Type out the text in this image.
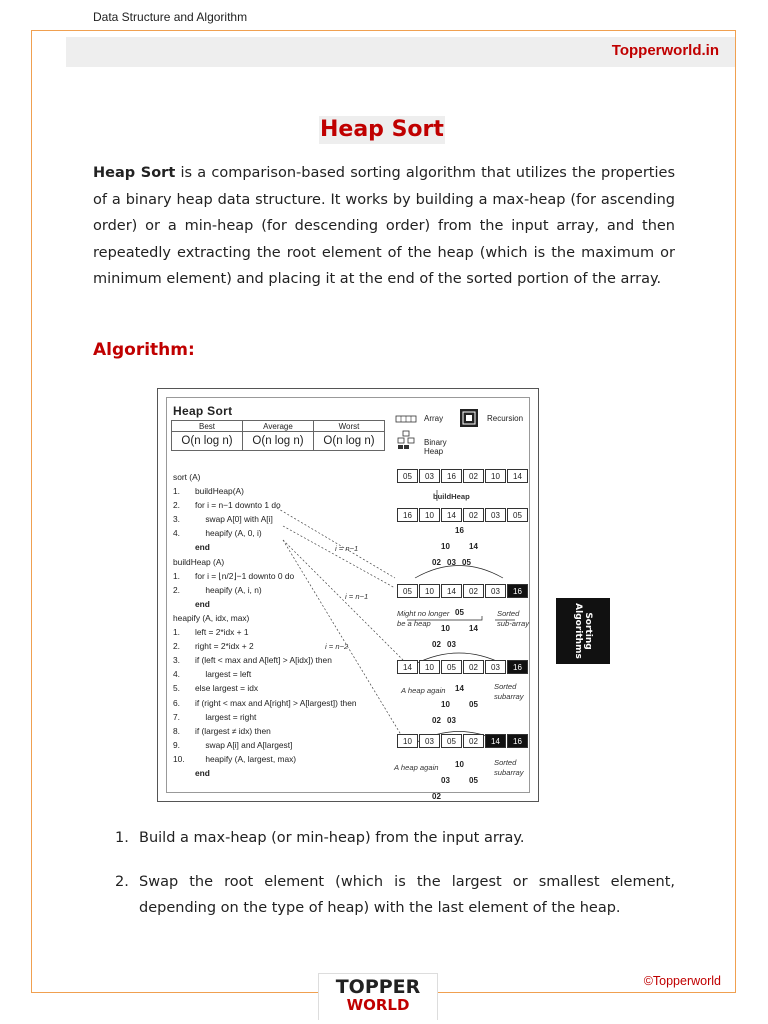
Data Structure and Algorithm
Topperworld.in
Heap Sort
Heap Sort is a comparison-based sorting algorithm that utilizes the properties of a binary heap data structure. It works by building a max-heap (for ascending order) or a min-heap (for descending order) from the input array, and then repeatedly extracting the root element of the heap (which is the maximum or minimum element) and placing it at the end of the sorted portion of the array.
Algorithm:
Heap Sort
Best	Average	Worst
O(n log n)	O(n log n)	O(n log n)
Array	Recursion
Binary Heap
sort (A)
1. buildHeap(A)
2. for i = n−1 downto 1 do
3.	swap A[0] with A[i]
4.	heapify (A, 0, i)
end
buildHeap (A)
1. for i = ⌊n/2⌋−1 downto 0 do
2.	heapify (A, i, n)
end
heapify (A, idx, max)
1. left = 2*idx + 1
2. right = 2*idx + 2
3. if (left < max and A[left] > A[idx]) then
4.	largest = left
5. else largest = idx
6. if (right < max and A[right] > A[largest]) then
7.	largest = right
8. if (largest ≠ idx) then
9.	swap A[i] and A[largest]
10. heapify (A, largest, max)
end
i = n−1
i = n−1
i = n−2
05	03	16	02	10	14
buildHeap
16	10	14	02	03	05
05	10	14	02	03	16
14	10	05	02	03	16
10	03	05	02	14	16
Might no longer be a heap
Sorted sub-array
A heap again	Sorted subarray
A heap again
Sorted subarray
16
10 14
02 03 05
05
10 14
02 03
14
10 05
02 03
10
03 05
02
Sorting
Algorithms
1. Build a max-heap (or min-heap) from the input array.
2. Swap the root element (which is the largest or smallest element, depending on the type of heap) with the last element of the heap.
TOPPER
WORLD
©Topperworld
